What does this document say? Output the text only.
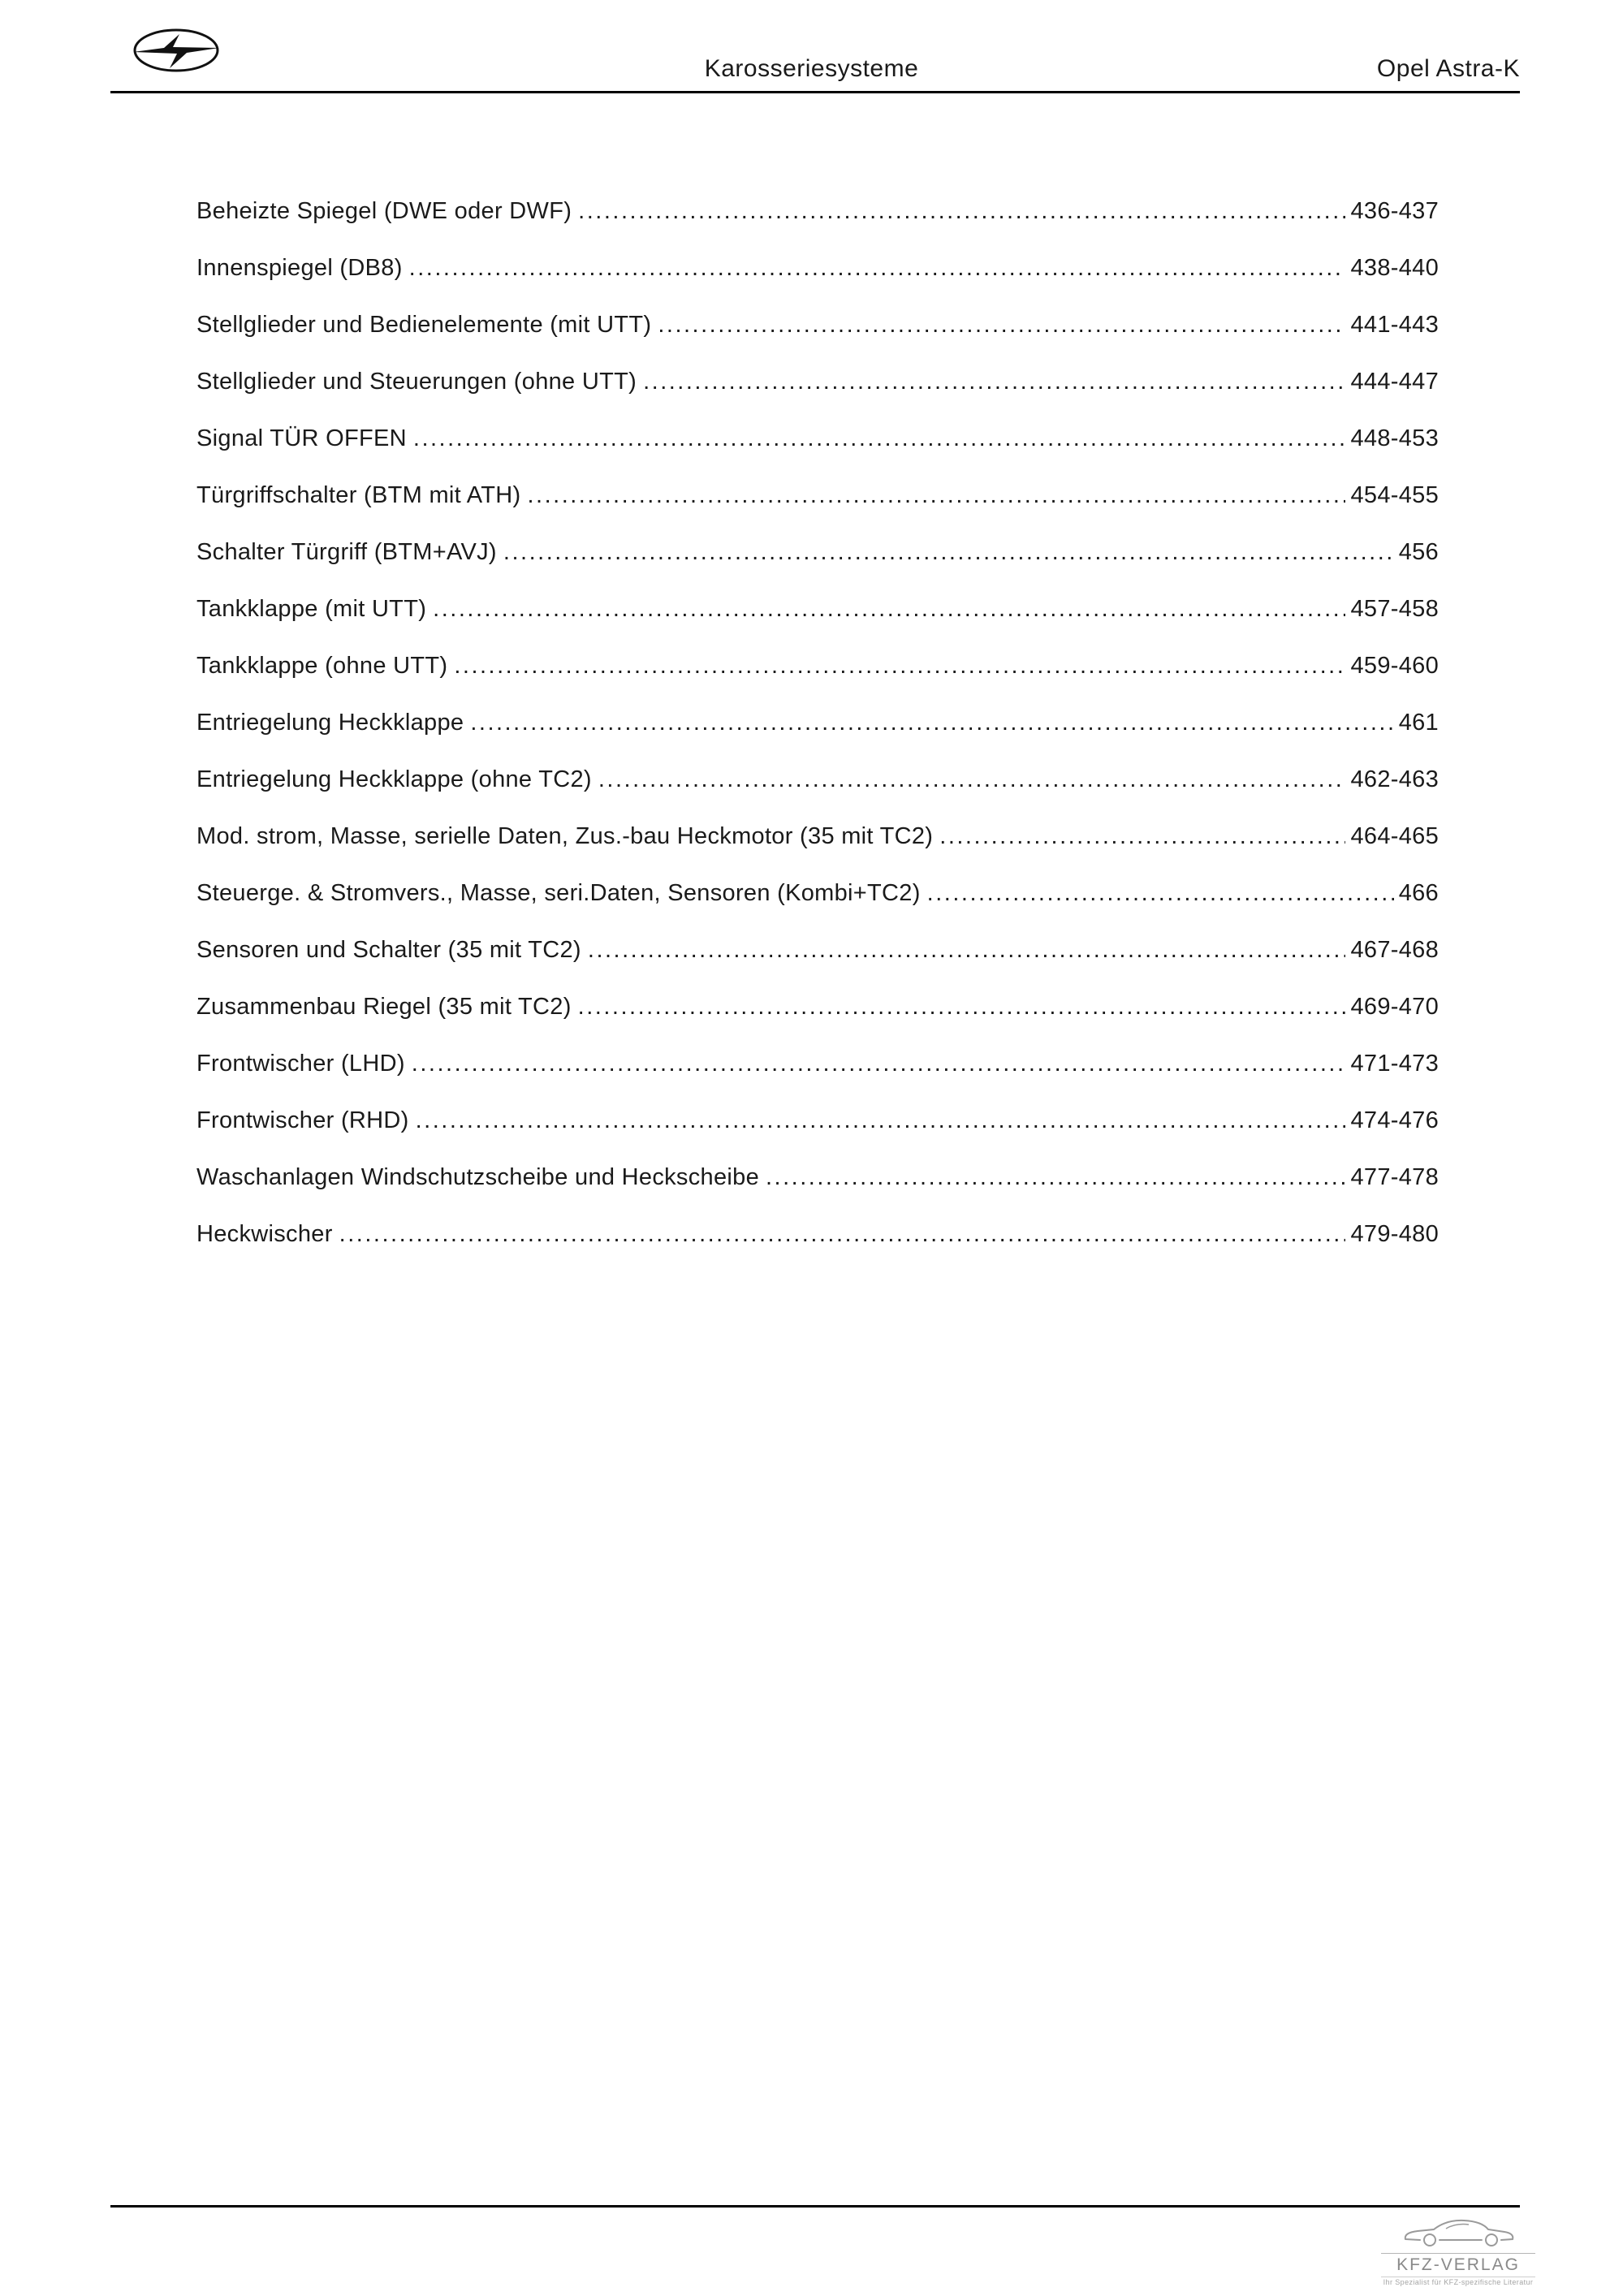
Karosseriesysteme	Opel Astra-K
Beheizte Spiegel (DWE oder DWF) .....	436-437
Innenspiegel (DB8) .....	438-440
Stellglieder und Bedienelemente (mit UTT) .....	441-443
Stellglieder und Steuerungen (ohne UTT) .....	444-447
Signal TÜR OFFEN .....	448-453
Türgriffschalter (BTM mit ATH) .....	454-455
Schalter Türgriff (BTM+AVJ) .....	456
Tankklappe (mit UTT) .....	457-458
Tankklappe (ohne UTT) .....	459-460
Entriegelung Heckklappe .....	461
Entriegelung Heckklappe (ohne TC2) .....	462-463
Mod. strom, Masse, serielle Daten, Zus.-bau Heckmotor (35 mit TC2) .....	464-465
Steuerge. & Stromvers., Masse, seri.Daten, Sensoren (Kombi+TC2) .....	466
Sensoren und Schalter (35 mit TC2) .....	467-468
Zusammenbau Riegel (35 mit TC2) .....	469-470
Frontwischer (LHD) .....	471-473
Frontwischer (RHD) .....	474-476
Waschanlagen Windschutzscheibe und Heckscheibe .....	477-478
Heckwischer .....	479-480
KFZ-VERLAG
Ihr Spezialist für KFZ-spezifische Literatur
